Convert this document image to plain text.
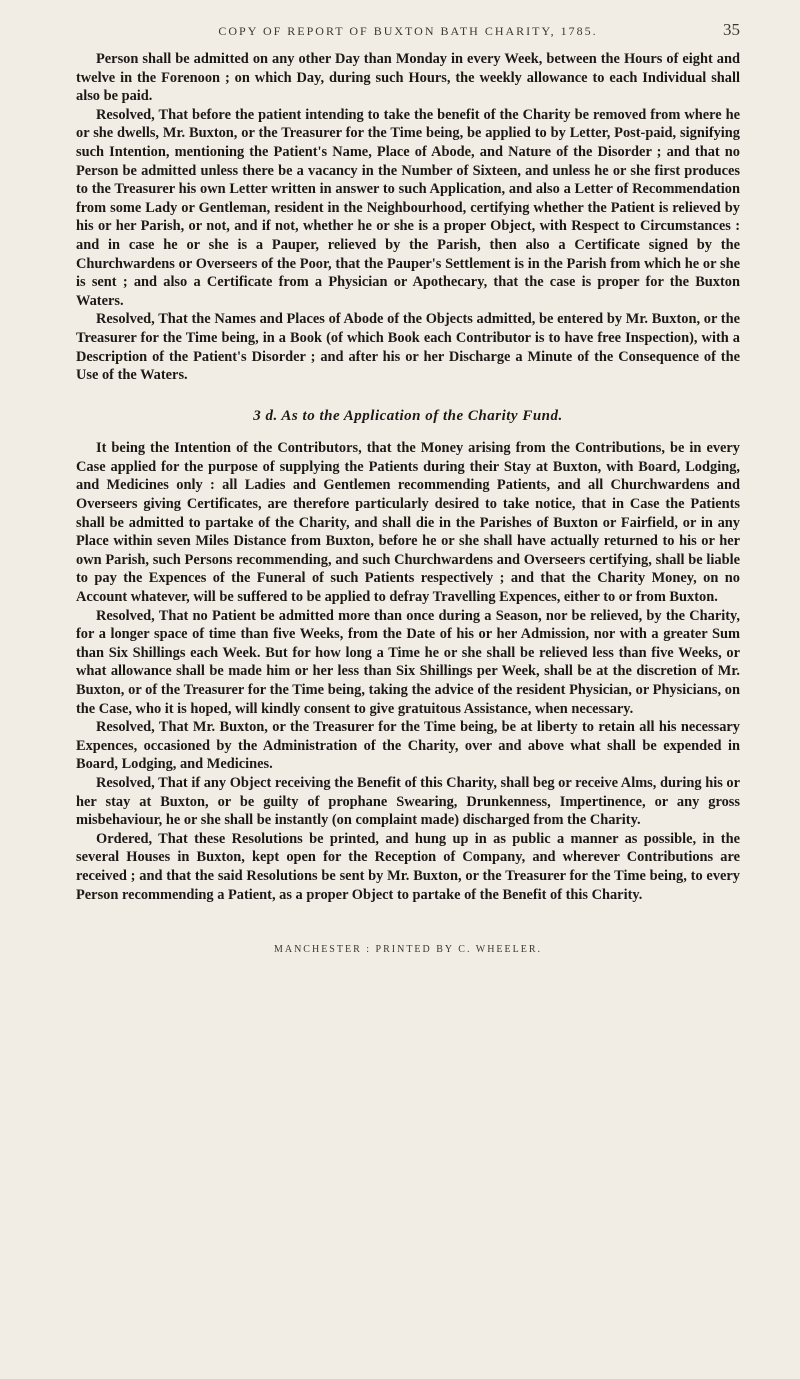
COPY OF REPORT OF BUXTON BATH CHARITY, 1785.	35

Person shall be admitted on any other Day than Monday in every Week, between the Hours of eight and twelve in the Forenoon ; on which Day, during such Hours, the weekly allowance to each Individual shall also be paid.

Resolved, That before the patient intending to take the benefit of the Charity be removed from where he or she dwells, Mr. Buxton, or the Treasurer for the Time being, be applied to by Letter, Post-paid, signifying such Intention, mentioning the Patient's Name, Place of Abode, and Nature of the Disorder ; and that no Person be admitted unless there be a vacancy in the Number of Sixteen, and unless he or she first produces to the Treasurer his own Letter written in answer to such Application, and also a Letter of Recommendation from some Lady or Gentleman, resident in the Neighbourhood, certifying whether the Patient is relieved by his or her Parish, or not, and if not, whether he or she is a proper Object, with Respect to Circumstances : and in case he or she is a Pauper, relieved by the Parish, then also a Certificate signed by the Churchwardens or Overseers of the Poor, that the Pauper's Settlement is in the Parish from which he or she is sent ; and also a Certificate from a Physician or Apothecary, that the case is proper for the Buxton Waters.

Resolved, That the Names and Places of Abode of the Objects admitted, be entered by Mr. Buxton, or the Treasurer for the Time being, in a Book (of which Book each Contributor is to have free Inspection), with a Description of the Patient's Disorder ; and after his or her Discharge a Minute of the Consequence of the Use of the Waters.

3 d. As to the Application of the Charity Fund.

It being the Intention of the Contributors, that the Money arising from the Contributions, be in every Case applied for the purpose of supplying the Patients during their Stay at Buxton, with Board, Lodging, and Medicines only : all Ladies and Gentlemen recommending Patients, and all Churchwardens and Overseers giving Certificates, are therefore particularly desired to take notice, that in Case the Patients shall be admitted to partake of the Charity, and shall die in the Parishes of Buxton or Fairfield, or in any Place within seven Miles Distance from Buxton, before he or she shall have actually returned to his or her own Parish, such Persons recommending, and such Churchwardens and Overseers certifying, shall be liable to pay the Expences of the Funeral of such Patients respectively ; and that the Charity Money, on no Account whatever, will be suffered to be applied to defray Travelling Expences, either to or from Buxton.

Resolved, That no Patient be admitted more than once during a Season, nor be relieved, by the Charity, for a longer space of time than five Weeks, from the Date of his or her Admission, nor with a greater Sum than Six Shillings each Week. But for how long a Time he or she shall be relieved less than five Weeks, or what allowance shall be made him or her less than Six Shillings per Week, shall be at the discretion of Mr. Buxton, or of the Treasurer for the Time being, taking the advice of the resident Physician, or Physicians, on the Case, who it is hoped, will kindly consent to give gratuitous Assistance, when necessary.

Resolved, That Mr. Buxton, or the Treasurer for the Time being, be at liberty to retain all his necessary Expences, occasioned by the Administration of the Charity, over and above what shall be expended in Board, Lodging, and Medicines.

Resolved, That if any Object receiving the Benefit of this Charity, shall beg or receive Alms, during his or her stay at Buxton, or be guilty of prophane Swearing, Drunkenness, Impertinence, or any gross misbehaviour, he or she shall be instantly (on complaint made) discharged from the Charity.

Ordered, That these Resolutions be printed, and hung up in as public a manner as possible, in the several Houses in Buxton, kept open for the Reception of Company, and wherever Contributions are received ; and that the said Resolutions be sent by Mr. Buxton, or the Treasurer for the Time being, to every Person recommending a Patient, as a proper Object to partake of the Benefit of this Charity.

MANCHESTER : PRINTED BY C. WHEELER.
